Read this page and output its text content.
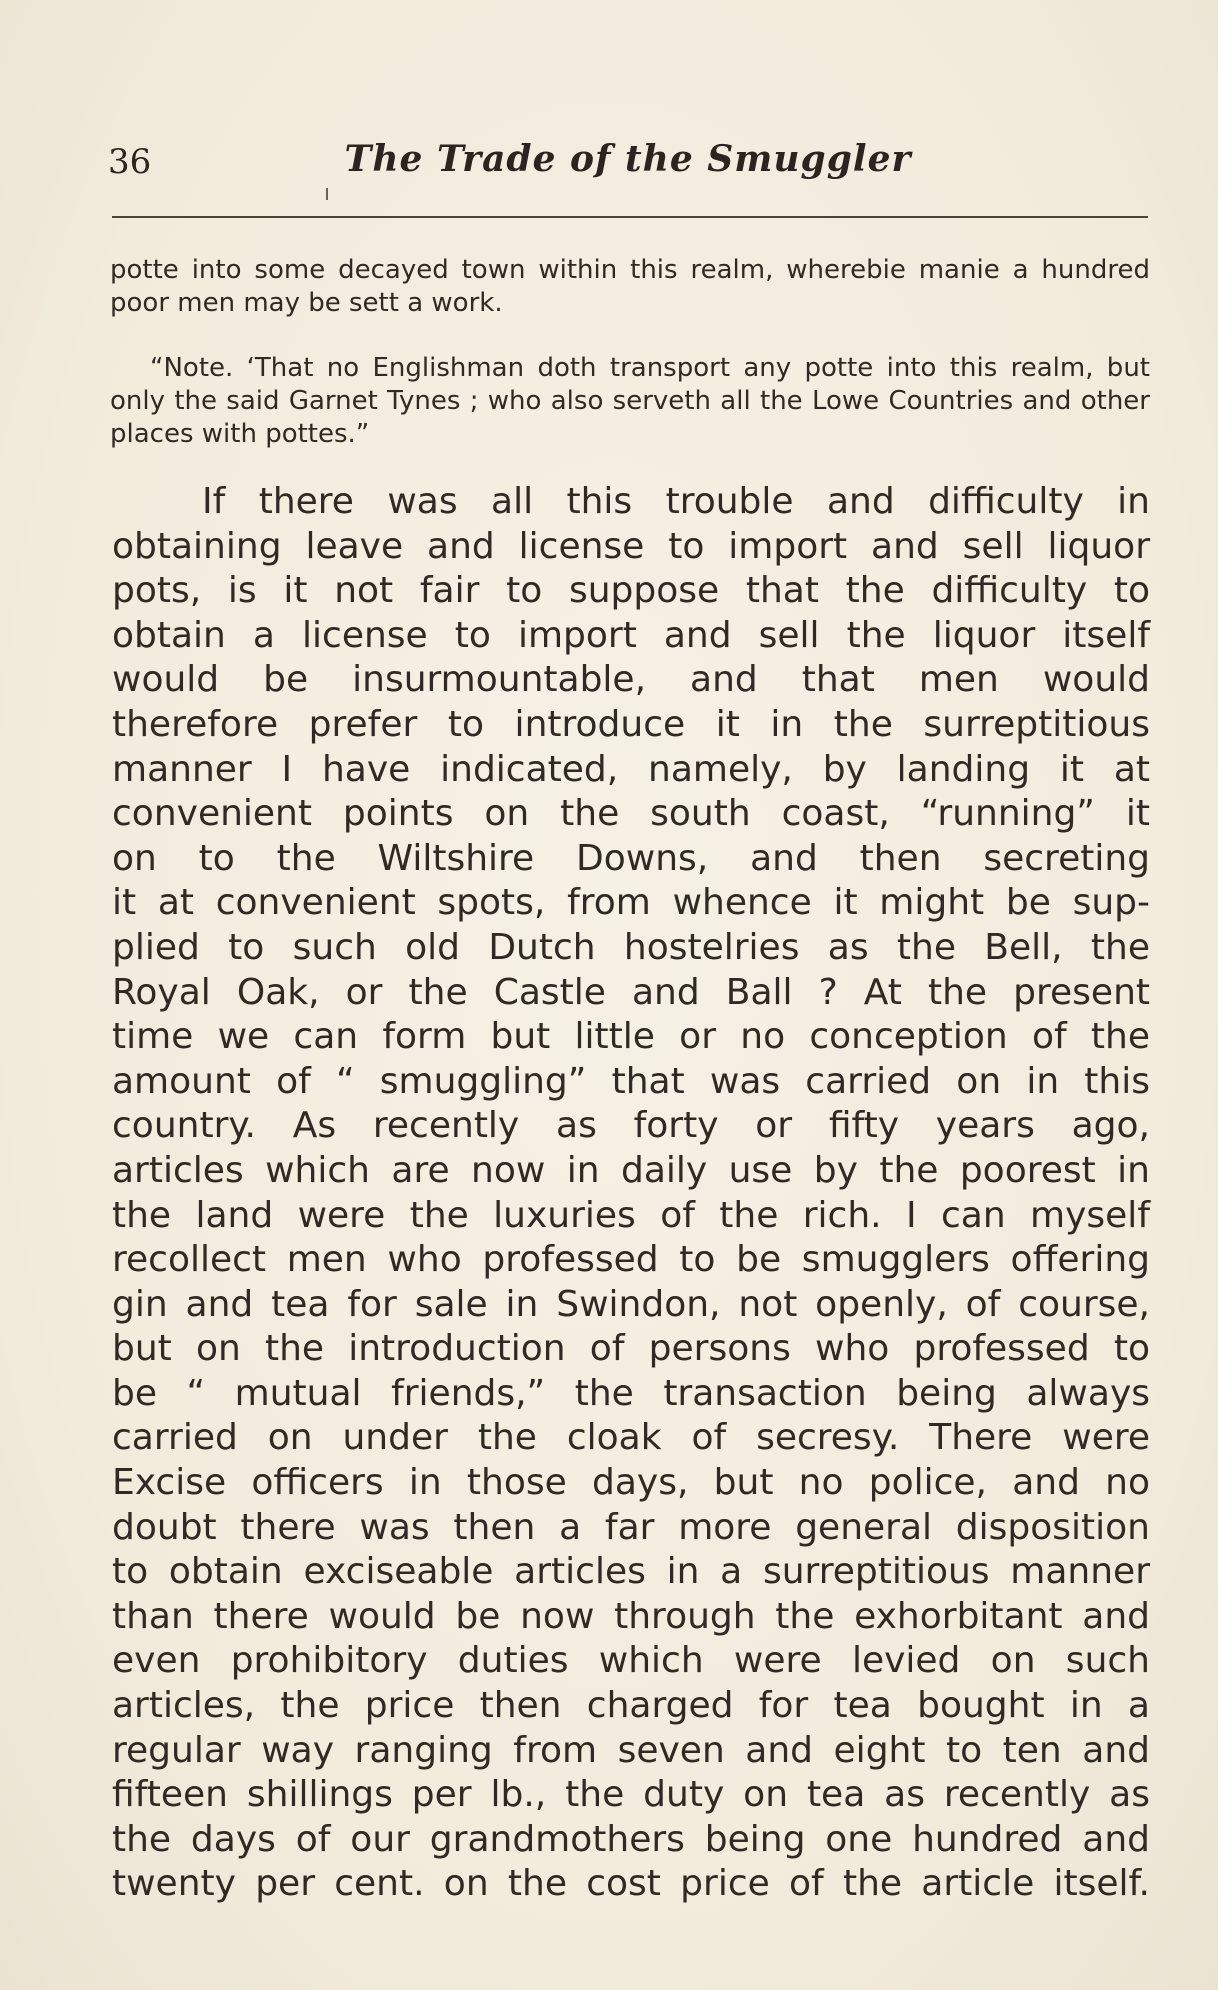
36	The Trade of the Smuggler

potte into some decayed town within this realm, wherebie manie a hundred poor men may be sett a work.

“Note. ‘That no Englishman doth transport any potte into this realm, but only the said Garnet Tynes ; who also serveth all the Lowe Countries and other places with pottes.”

If there was all this trouble and difficulty in
obtaining leave and license to import and sell liquor
pots, is it not fair to suppose that the difficulty to
obtain a license to import and sell the liquor itself
would be insurmountable, and that men would
therefore prefer to introduce it in the surreptitious
manner I have indicated, namely, by landing it at
convenient points on the south coast, “running” it
on to the Wiltshire Downs, and then secreting
it at convenient spots, from whence it might be sup-
plied to such old Dutch hostelries as the Bell, the
Royal Oak, or the Castle and Ball ? At the present
time we can form but little or no conception of the
amount of “ smuggling” that was carried on in this
country. As recently as forty or fifty years ago,
articles which are now in daily use by the poorest in
the land were the luxuries of the rich. I can myself
recollect men who professed to be smugglers offering
gin and tea for sale in Swindon, not openly, of course,
but on the introduction of persons who professed to
be “ mutual friends,” the transaction being always
carried on under the cloak of secresy. There were
Excise officers in those days, but no police, and no
doubt there was then a far more general disposition
to obtain exciseable articles in a surreptitious manner
than there would be now through the exhorbitant and
even prohibitory duties which were levied on such
articles, the price then charged for tea bought in a
regular way ranging from seven and eight to ten and
fifteen shillings per lb., the duty on tea as recently as
the days of our grandmothers being one hundred and
twenty per cent. on the cost price of the article itself.
